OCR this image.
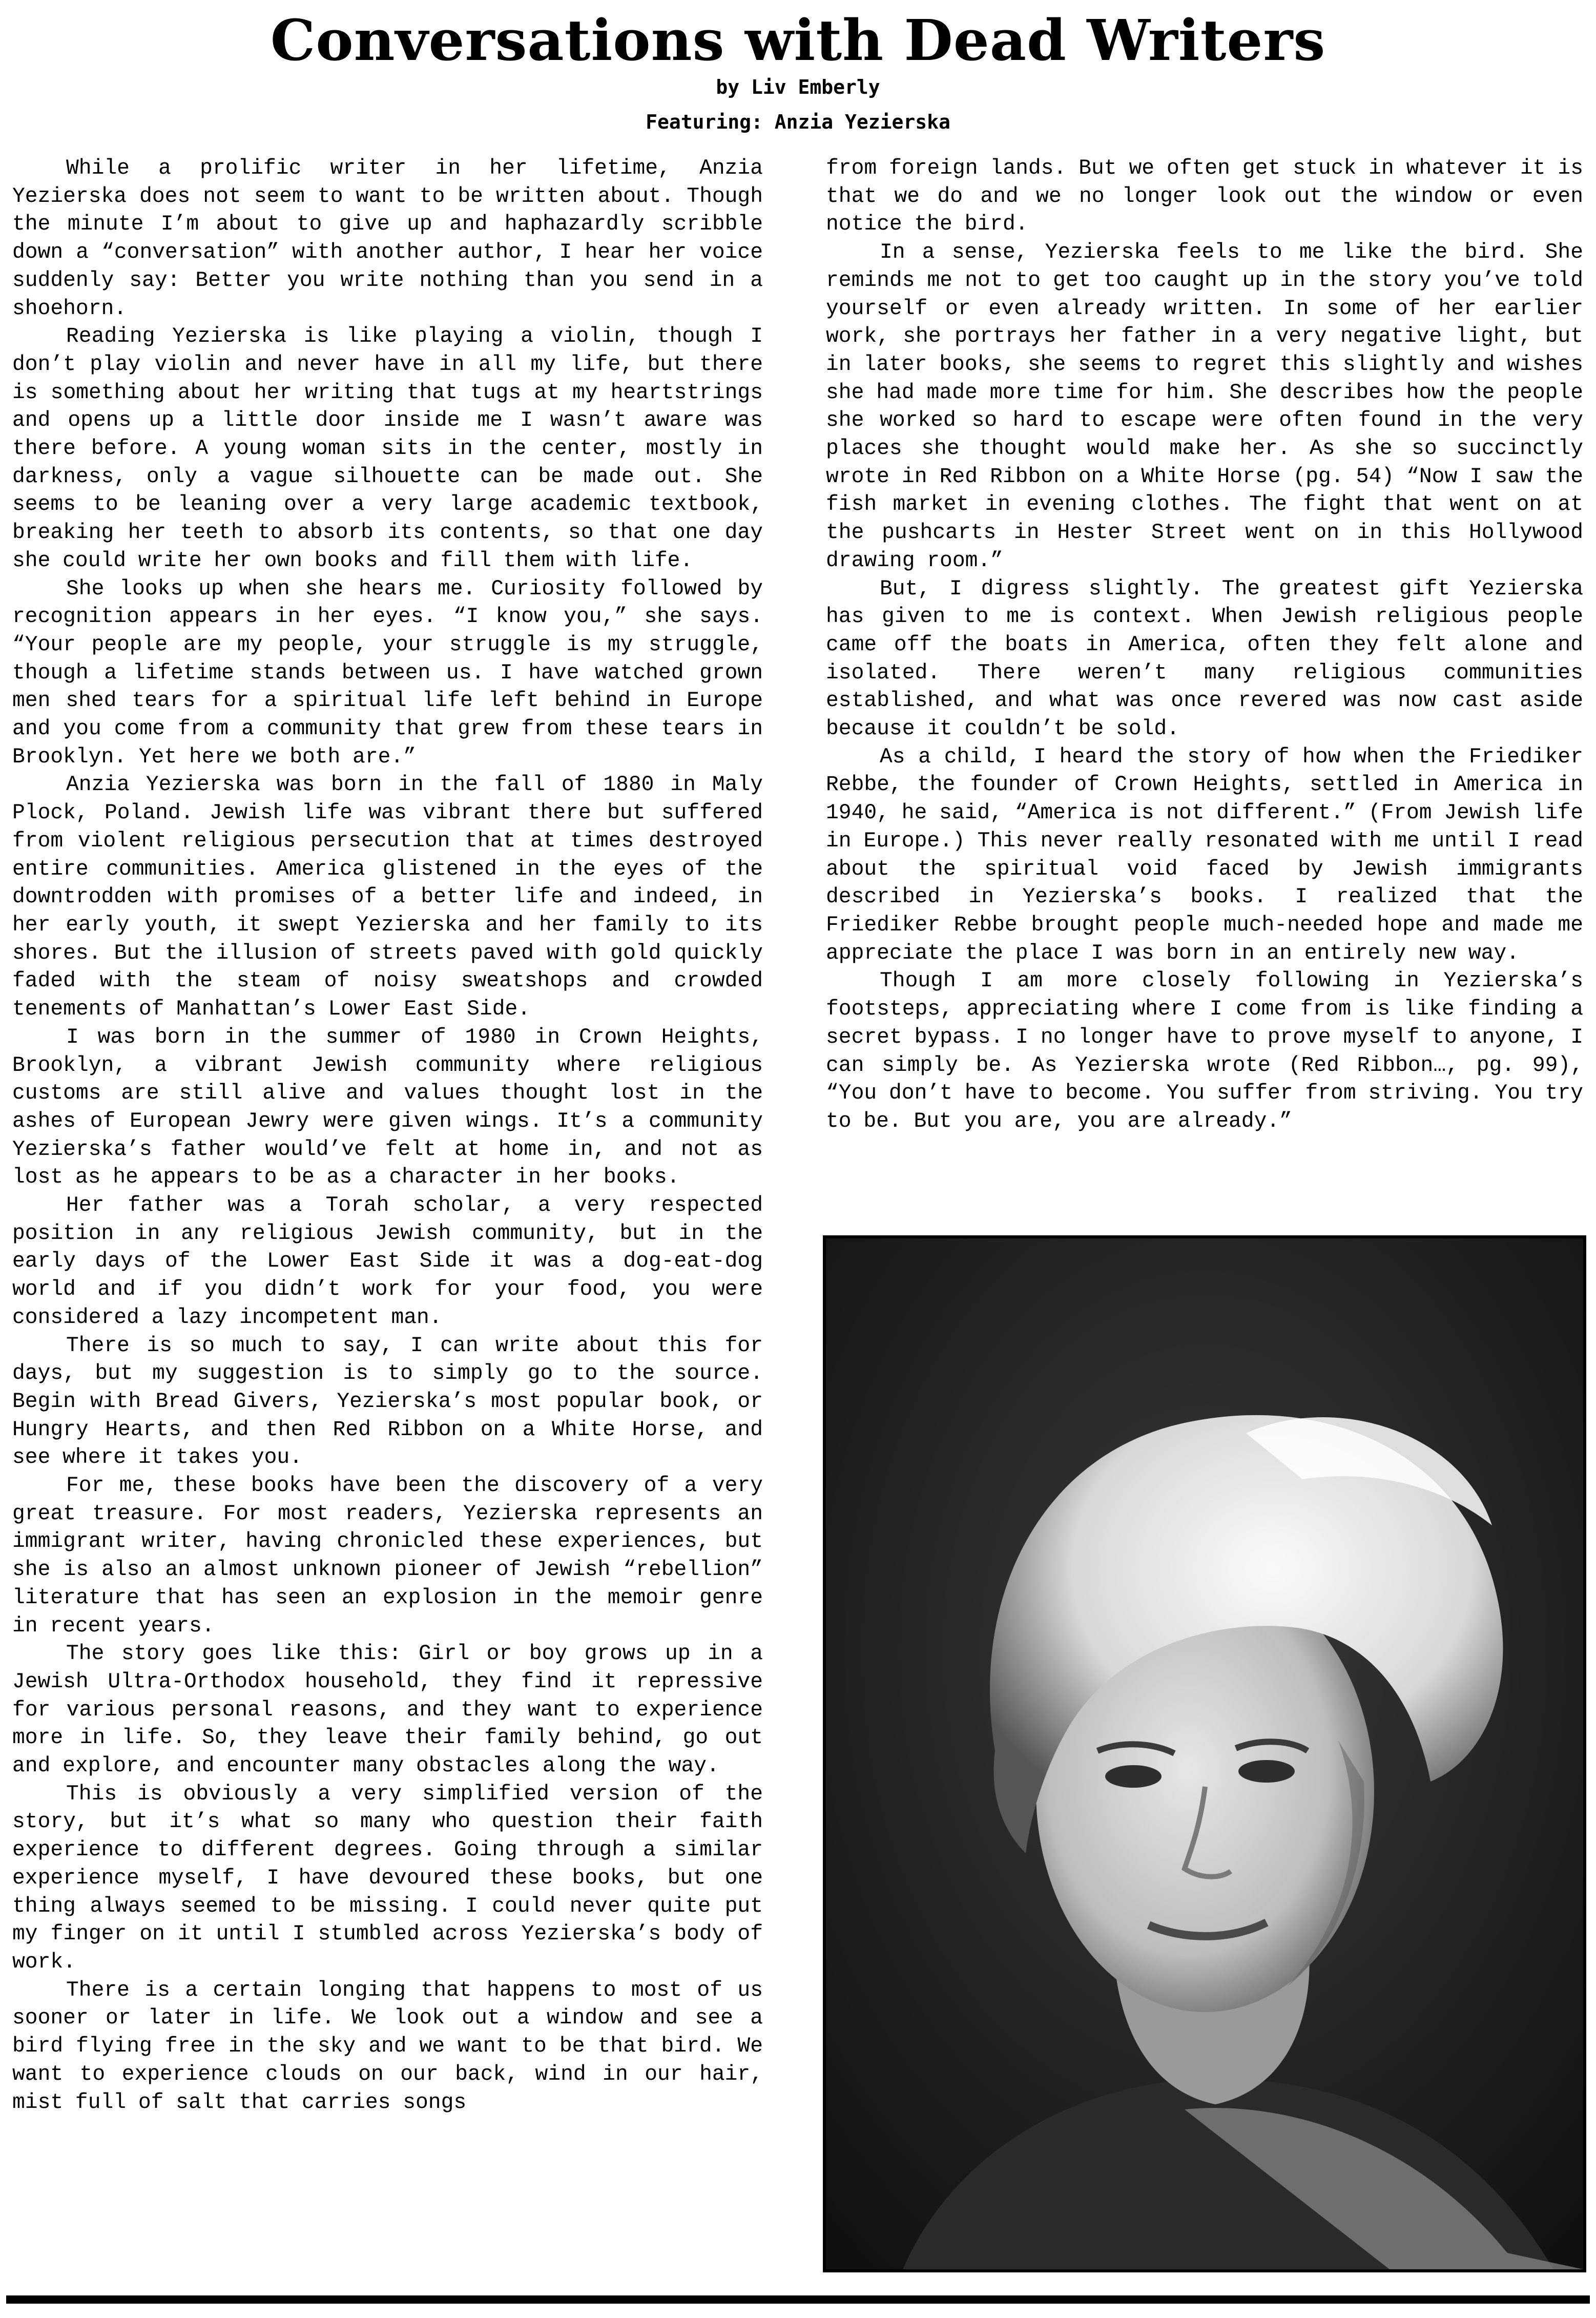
Conversations with Dead Writers
by Liv Emberly
Featuring: Anzia Yezierska

While a prolific writer in her lifetime, Anzia Yezierska does not seem to want to be written about. Though the minute I’m about to give up and haphazardly scribble down a “conversation” with another author, I hear her voice suddenly say: Better you write nothing than you send in a shoehorn.

Reading Yezierska is like playing a violin, though I don’t play violin and never have in all my life, but there is something about her writing that tugs at my heartstrings and opens up a little door inside me I wasn’t aware was there before. A young woman sits in the center, mostly in darkness, only a vague silhouette can be made out. She seems to be leaning over a very large academic textbook, breaking her teeth to absorb its contents, so that one day she could write her own books and fill them with life.

She looks up when she hears me. Curiosity followed by recognition appears in her eyes. “I know you,” she says. “Your people are my people, your struggle is my struggle, though a lifetime stands between us. I have watched grown men shed tears for a spiritual life left behind in Europe and you come from a community that grew from these tears in Brooklyn. Yet here we both are.”

Anzia Yezierska was born in the fall of 1880 in Maly Plock, Poland. Jewish life was vibrant there but suffered from violent religious persecution that at times destroyed entire communities. America glistened in the eyes of the downtrodden with promises of a better life and indeed, in her early youth, it swept Yezierska and her family to its shores. But the illusion of streets paved with gold quickly faded with the steam of noisy sweatshops and crowded tenements of Manhattan’s Lower East Side.

I was born in the summer of 1980 in Crown Heights, Brooklyn, a vibrant Jewish community where religious customs are still alive and values thought lost in the ashes of European Jewry were given wings. It’s a community Yezierska’s father would’ve felt at home in, and not as lost as he appears to be as a character in her books.

Her father was a Torah scholar, a very respected position in any religious Jewish community, but in the early days of the Lower East Side it was a dog-eat-dog world and if you didn’t work for your food, you were considered a lazy incompetent man.

There is so much to say, I can write about this for days, but my suggestion is to simply go to the source. Begin with Bread Givers, Yezierska’s most popular book, or Hungry Hearts, and then Red Ribbon on a White Horse, and see where it takes you.

For me, these books have been the discovery of a very great treasure. For most readers, Yezierska represents an immigrant writer, having chronicled these experiences, but she is also an almost unknown pioneer of Jewish “rebellion” literature that has seen an explosion in the memoir genre in recent years.

The story goes like this: Girl or boy grows up in a Jewish Ultra-Orthodox household, they find it repressive for various personal reasons, and they want to experience more in life. So, they leave their family behind, go out and explore, and encounter many obstacles along the way.

This is obviously a very simplified version of the story, but it’s what so many who question their faith experience to different degrees. Going through a similar experience myself, I have devoured these books, but one thing always seemed to be missing. I could never quite put my finger on it until I stumbled across Yezierska’s body of work.

There is a certain longing that happens to most of us sooner or later in life. We look out a window and see a bird flying free in the sky and we want to be that bird. We want to experience clouds on our back, wind in our hair, mist full of salt that carries songs

from foreign lands. But we often get stuck in whatever it is that we do and we no longer look out the window or even notice the bird.

In a sense, Yezierska feels to me like the bird. She reminds me not to get too caught up in the story you’ve told yourself or even already written. In some of her earlier work, she portrays her father in a very negative light, but in later books, she seems to regret this slightly and wishes she had made more time for him. She describes how the people she worked so hard to escape were often found in the very places she thought would make her. As she so succinctly wrote in Red Ribbon on a White Horse (pg. 54) “Now I saw the fish market in evening clothes. The fight that went on at the pushcarts in Hester Street went on in this Hollywood drawing room.”

But, I digress slightly. The greatest gift Yezierska has given to me is context. When Jewish religious people came off the boats in America, often they felt alone and isolated. There weren’t many religious communities established, and what was once revered was now cast aside because it couldn’t be sold.

As a child, I heard the story of how when the Friediker Rebbe, the founder of Crown Heights, settled in America in 1940, he said, “America is not different.” (From Jewish life in Europe.) This never really resonated with me until I read about the spiritual void faced by Jewish immigrants described in Yezierska’s books. I realized that the Friediker Rebbe brought people much-needed hope and made me appreciate the place I was born in an entirely new way.

Though I am more closely following in Yezierska’s footsteps, appreciating where I come from is like finding a secret bypass. I no longer have to prove myself to anyone, I can simply be. As Yezierska wrote (Red Ribbon…, pg. 99), “You don’t have to become. You suffer from striving. You try to be. But you are, you are already.”
